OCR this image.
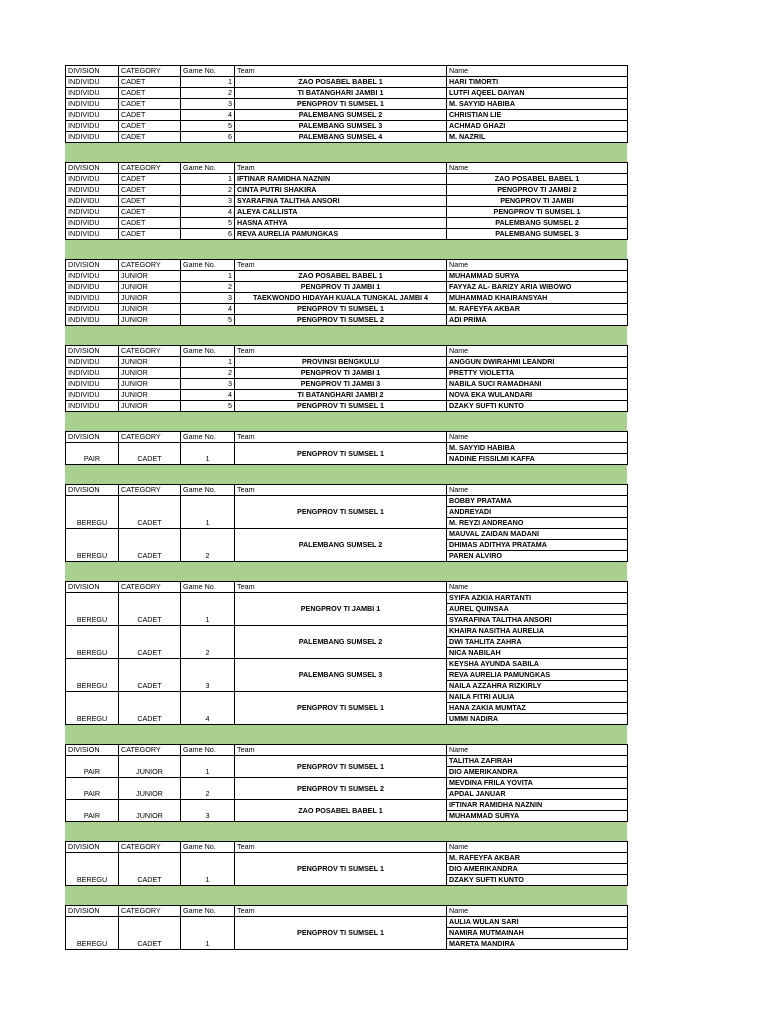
DIVISION	CATEGORY	Game No.	Team	Name
INDIVIDU	CADET	1	ZAO POSABEL BABEL 1	HARI TIMORTI
INDIVIDU	CADET	2	TI BATANGHARI JAMBI 1	LUTFI AQEEL DAIYAN
INDIVIDU	CADET	3	PENGPROV TI SUMSEL 1	M. SAYYID HABIBA
INDIVIDU	CADET	4	PALEMBANG SUMSEL 2	CHRISTIAN LIE
INDIVIDU	CADET	5	PALEMBANG SUMSEL 3	ACHMAD GHAZI
INDIVIDU	CADET	6	PALEMBANG SUMSEL 4	M. NAZRIL
DIVISION	CATEGORY	Game No.	Team	Name
INDIVIDU	CADET	1	IFTINAR RAMIDHA NAZNIN	ZAO POSABEL BABEL 1
INDIVIDU	CADET	2	CINTA PUTRI SHAKIRA	PENGPROV TI JAMBI 2
INDIVIDU	CADET	3	SYARAFINA TALITHA ANSORI	PENGPROV TI JAMBI
INDIVIDU	CADET	4	ALEYA CALLISTA	PENGPROV TI SUMSEL 1
INDIVIDU	CADET	5	HASNA ATHYA	PALEMBANG SUMSEL 2
INDIVIDU	CADET	6	REVA AURELIA PAMUNGKAS	PALEMBANG SUMSEL 3
DIVISION	CATEGORY	Game No.	Team	Name
INDIVIDU	JUNIOR	1	ZAO POSABEL BABEL 1	MUHAMMAD SURYA
INDIVIDU	JUNIOR	2	PENGPROV TI JAMBI 1	FAYYAZ AL- BARIZY ARIA WIBOWO
INDIVIDU	JUNIOR	3	TAEKWONDO HIDAYAH KUALA TUNGKAL JAMBI 4	MUHAMMAD KHAIRANSYAH
INDIVIDU	JUNIOR	4	PENGPROV TI SUMSEL 1	M. RAFEYFA AKBAR
INDIVIDU	JUNIOR	5	PENGPROV TI SUMSEL 2	ADI PRIMA
DIVISION	CATEGORY	Game No.	Team	Name
INDIVIDU	JUNIOR	1	PROVINSI BENGKULU	ANGGUN DWIRAHMI LEANDRI
INDIVIDU	JUNIOR	2	PENGPROV TI JAMBI 1	PRETTY VIOLETTA
INDIVIDU	JUNIOR	3	PENGPROV TI JAMBI 3	NABILA SUCI RAMADHANI
INDIVIDU	JUNIOR	4	TI BATANGHARI JAMBI 2	NOVA EKA WULANDARI
INDIVIDU	JUNIOR	5	PENGPROV TI SUMSEL 1	DZAKY SUFTI KUNTO
DIVISION	CATEGORY	Game No.	Team	Name
PAIR	CADET	1	PENGPROV TI SUMSEL 1	M. SAYYID HABIBA
				NADINE FISSILMI KAFFA
DIVISION	CATEGORY	Game No.	Team	Name
BEREGU	CADET	1	PENGPROV TI SUMSEL 1	BOBBY PRATAMA
				ANDREYADI
				M. REYZI ANDREANO
BEREGU	CADET	2	PALEMBANG SUMSEL 2	MAUVAL ZAIDAN MADANI
				DHIMAS ADITHYA PRATAMA
				PAREN ALVIRO
DIVISION	CATEGORY	Game No.	Team	Name
BEREGU	CADET	1	PENGPROV TI JAMBI 1	SYIFA AZKIA HARTANTI
				AUREL QUINSAA
				SYARAFINA TALITHA ANSORI
BEREGU	CADET	2	PALEMBANG SUMSEL 2	KHAIRA NASITHA AURELIA
				DWI TAHLITA ZAHRA
				NICA NABILAH
BEREGU	CADET	3	PALEMBANG SUMSEL 3	KEYSHA AYUNDA SABILA
				REVA AURELIA PAMUNGKAS
				NAILA AZZAHRA RIZKIRLY
BEREGU	CADET	4	PENGPROV TI SUMSEL 1	NAILA FITRI AULIA
				HANA ZAKIA MUMTAZ
				UMMI NADIRA
DIVISION	CATEGORY	Game No.	Team	Name
PAIR	JUNIOR	1	PENGPROV TI SUMSEL 1	TALITHA ZAFIRAH
				DIO AMERIKANDRA
PAIR	JUNIOR	2	PENGPROV TI SUMSEL 2	MEVDINA FRILA YOVITA
				APDAL JANUAR
PAIR	JUNIOR	3	ZAO POSABEL BABEL 1	IFTINAR RAMIDHA NAZNIN
				MUHAMMAD SURYA
DIVISION	CATEGORY	Game No.	Team	Name
BEREGU	CADET	1	PENGPROV TI SUMSEL 1	M. RAFEYFA AKBAR
				DIO AMERIKANDRA
				DZAKY SUFTI KUNTO
DIVISION	CATEGORY	Game No.	Team	Name
BEREGU	CADET	1	PENGPROV TI SUMSEL 1	AULIA WULAN SARI
				NAMIRA MUTMAINAH
				MARETA MANDIRA
